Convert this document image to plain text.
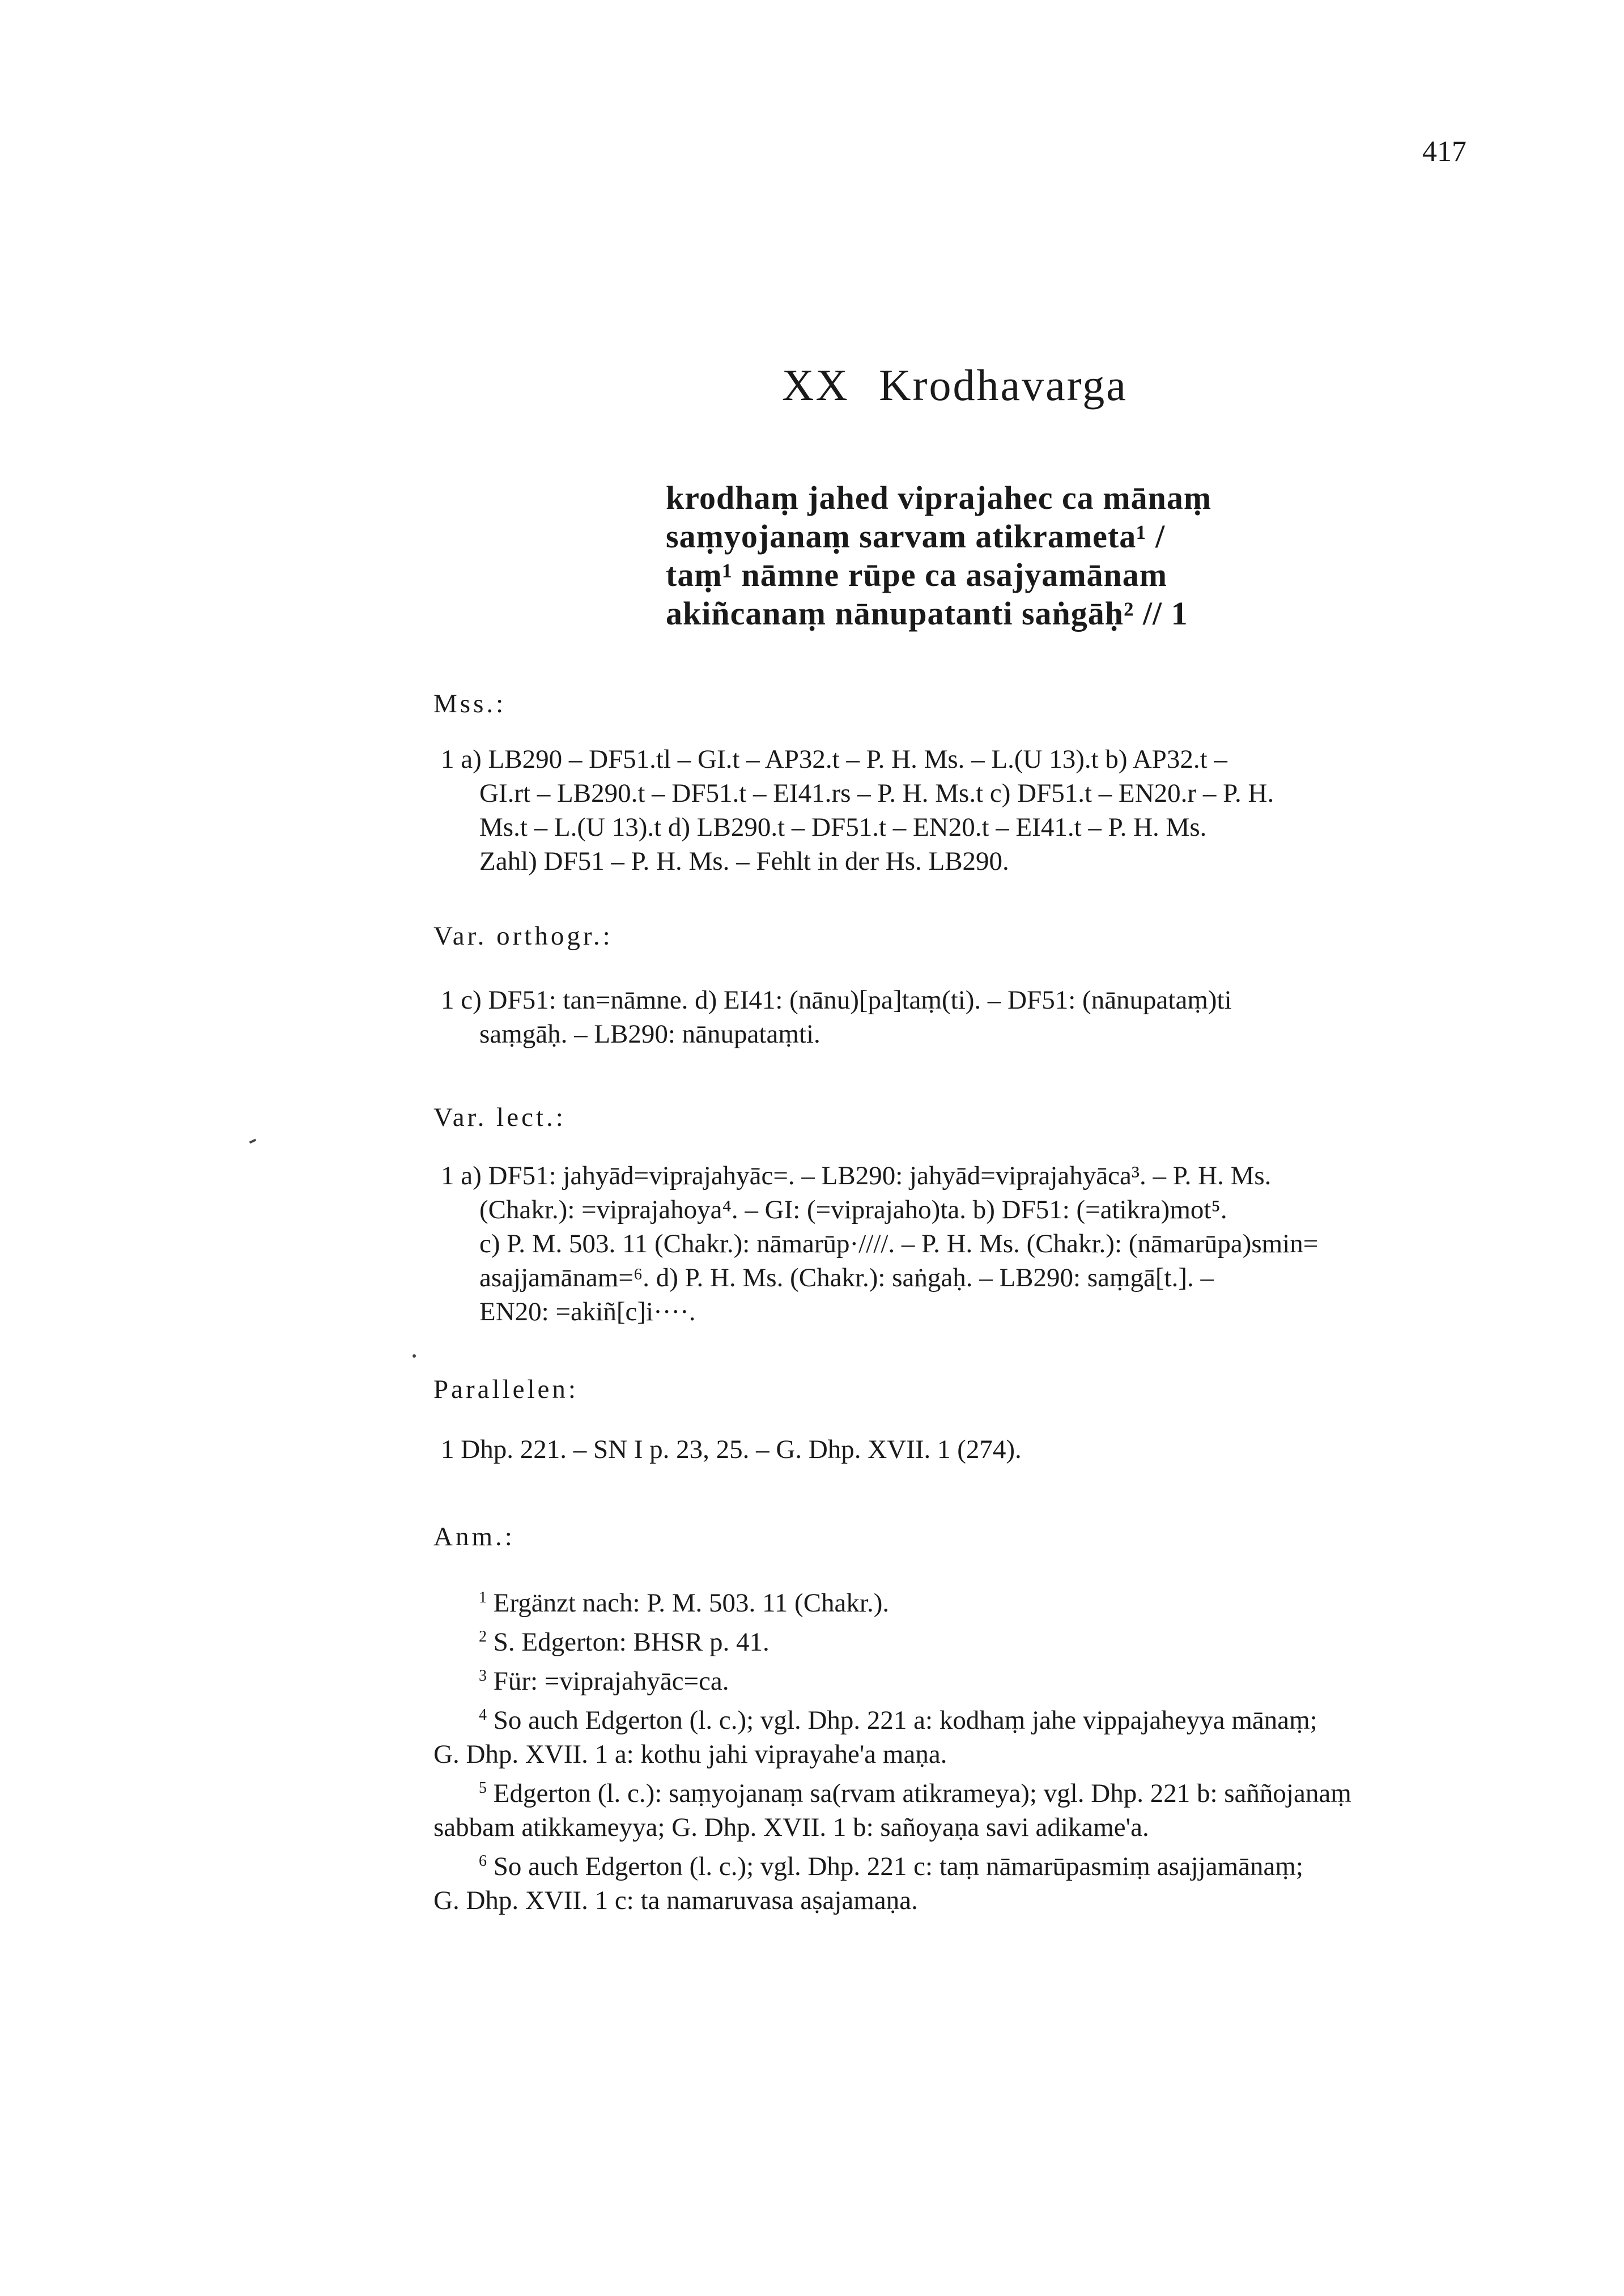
417
XX Krodhavarga
krodhaṃ jahed viprajahec ca mānaṃ
saṃyojanaṃ sarvam atikrameta¹ /
taṃ¹ nāmne rūpe ca asajyamānam
akiñcanaṃ nānupatanti saṅgāḥ² // 1
Mss.:
1 a) LB290 – DF51.tl – GI.t – AP32.t – P. H. Ms. – L.(U 13).t b) AP32.t –
GI.rt – LB290.t – DF51.t – EI41.rs – P. H. Ms.t c) DF51.t – EN20.r – P. H.
Ms.t – L.(U 13).t d) LB290.t – DF51.t – EN20.t – EI41.t – P. H. Ms.
Zahl) DF51 – P. H. Ms. – Fehlt in der Hs. LB290.
Var. orthogr.:
1 c) DF51: tan=nāmne. d) EI41: (nānu)[pa]taṃ(ti). – DF51: (nānupataṃ)ti
saṃgāḥ. – LB290: nānupataṃti.
Var. lect.:
1 a) DF51: jahyād=viprajahyāc=. – LB290: jahyād=viprajahyāca³. – P. H. Ms.
(Chakr.): =viprajahoya⁴. – GI: (=viprajaho)ta. b) DF51: (=atikra)mot⁵.
c) P. M. 503. 11 (Chakr.): nāmarūp·////. – P. H. Ms. (Chakr.): (nāmarūpa)smin=
asajjamānam=⁶. d) P. H. Ms. (Chakr.): saṅgaḥ. – LB290: saṃgā[t.]. –
EN20: =akiñ[c]i····.
Parallelen:
1 Dhp. 221. – SN I p. 23, 25. – G. Dhp. XVII. 1 (274).
Anm.:
$^1$ Ergänzt nach: P. M. 503. 11 (Chakr.).
$^2$ S. Edgerton: BHSR p. 41.
$^3$ Für: =viprajahyāc=ca.
$^4$ So auch Edgerton (l. c.); vgl. Dhp. 221 a: kodhaṃ jahe vippajaheyya mānaṃ;
G. Dhp. XVII. 1 a: kothu jahi viprayahe'a maṇa.
$^5$ Edgerton (l. c.): saṃyojanaṃ sa(rvam atikrameya); vgl. Dhp. 221 b: saññojanaṃ
sabbam atikkameyya; G. Dhp. XVII. 1 b: sañoyaṇa savi adikame'a.
$^6$ So auch Edgerton (l. c.); vgl. Dhp. 221 c: taṃ nāmarūpasmiṃ asajjamānaṃ;
G. Dhp. XVII. 1 c: ta namaruvasa aṣajamaṇa.
